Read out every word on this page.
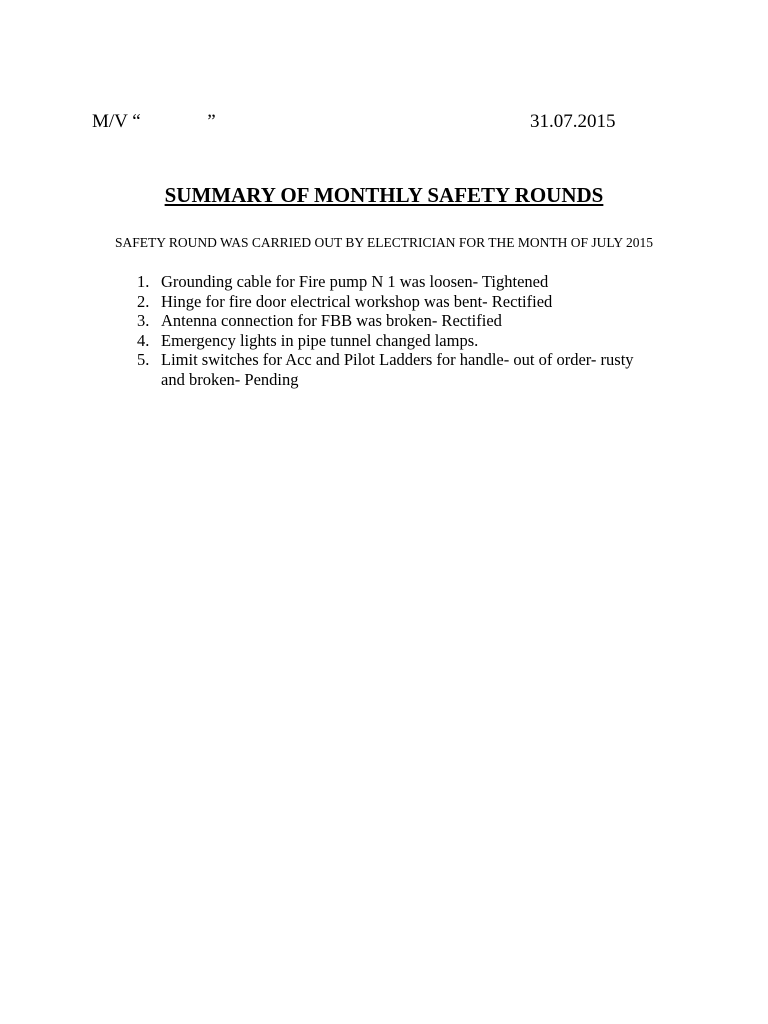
M/V “              ”	31.07.2015
SUMMARY OF MONTHLY SAFETY ROUNDS
SAFETY ROUND WAS CARRIED OUT BY ELECTRICIAN FOR THE MONTH OF JULY 2015
1. Grounding cable for Fire pump N 1 was loosen- Tightened
2. Hinge for fire door electrical workshop was bent- Rectified
3. Antenna connection for FBB was broken- Rectified
4. Emergency lights in pipe tunnel changed lamps.
5. Limit switches for Acc and Pilot Ladders for handle- out of order- rusty and broken- Pending
